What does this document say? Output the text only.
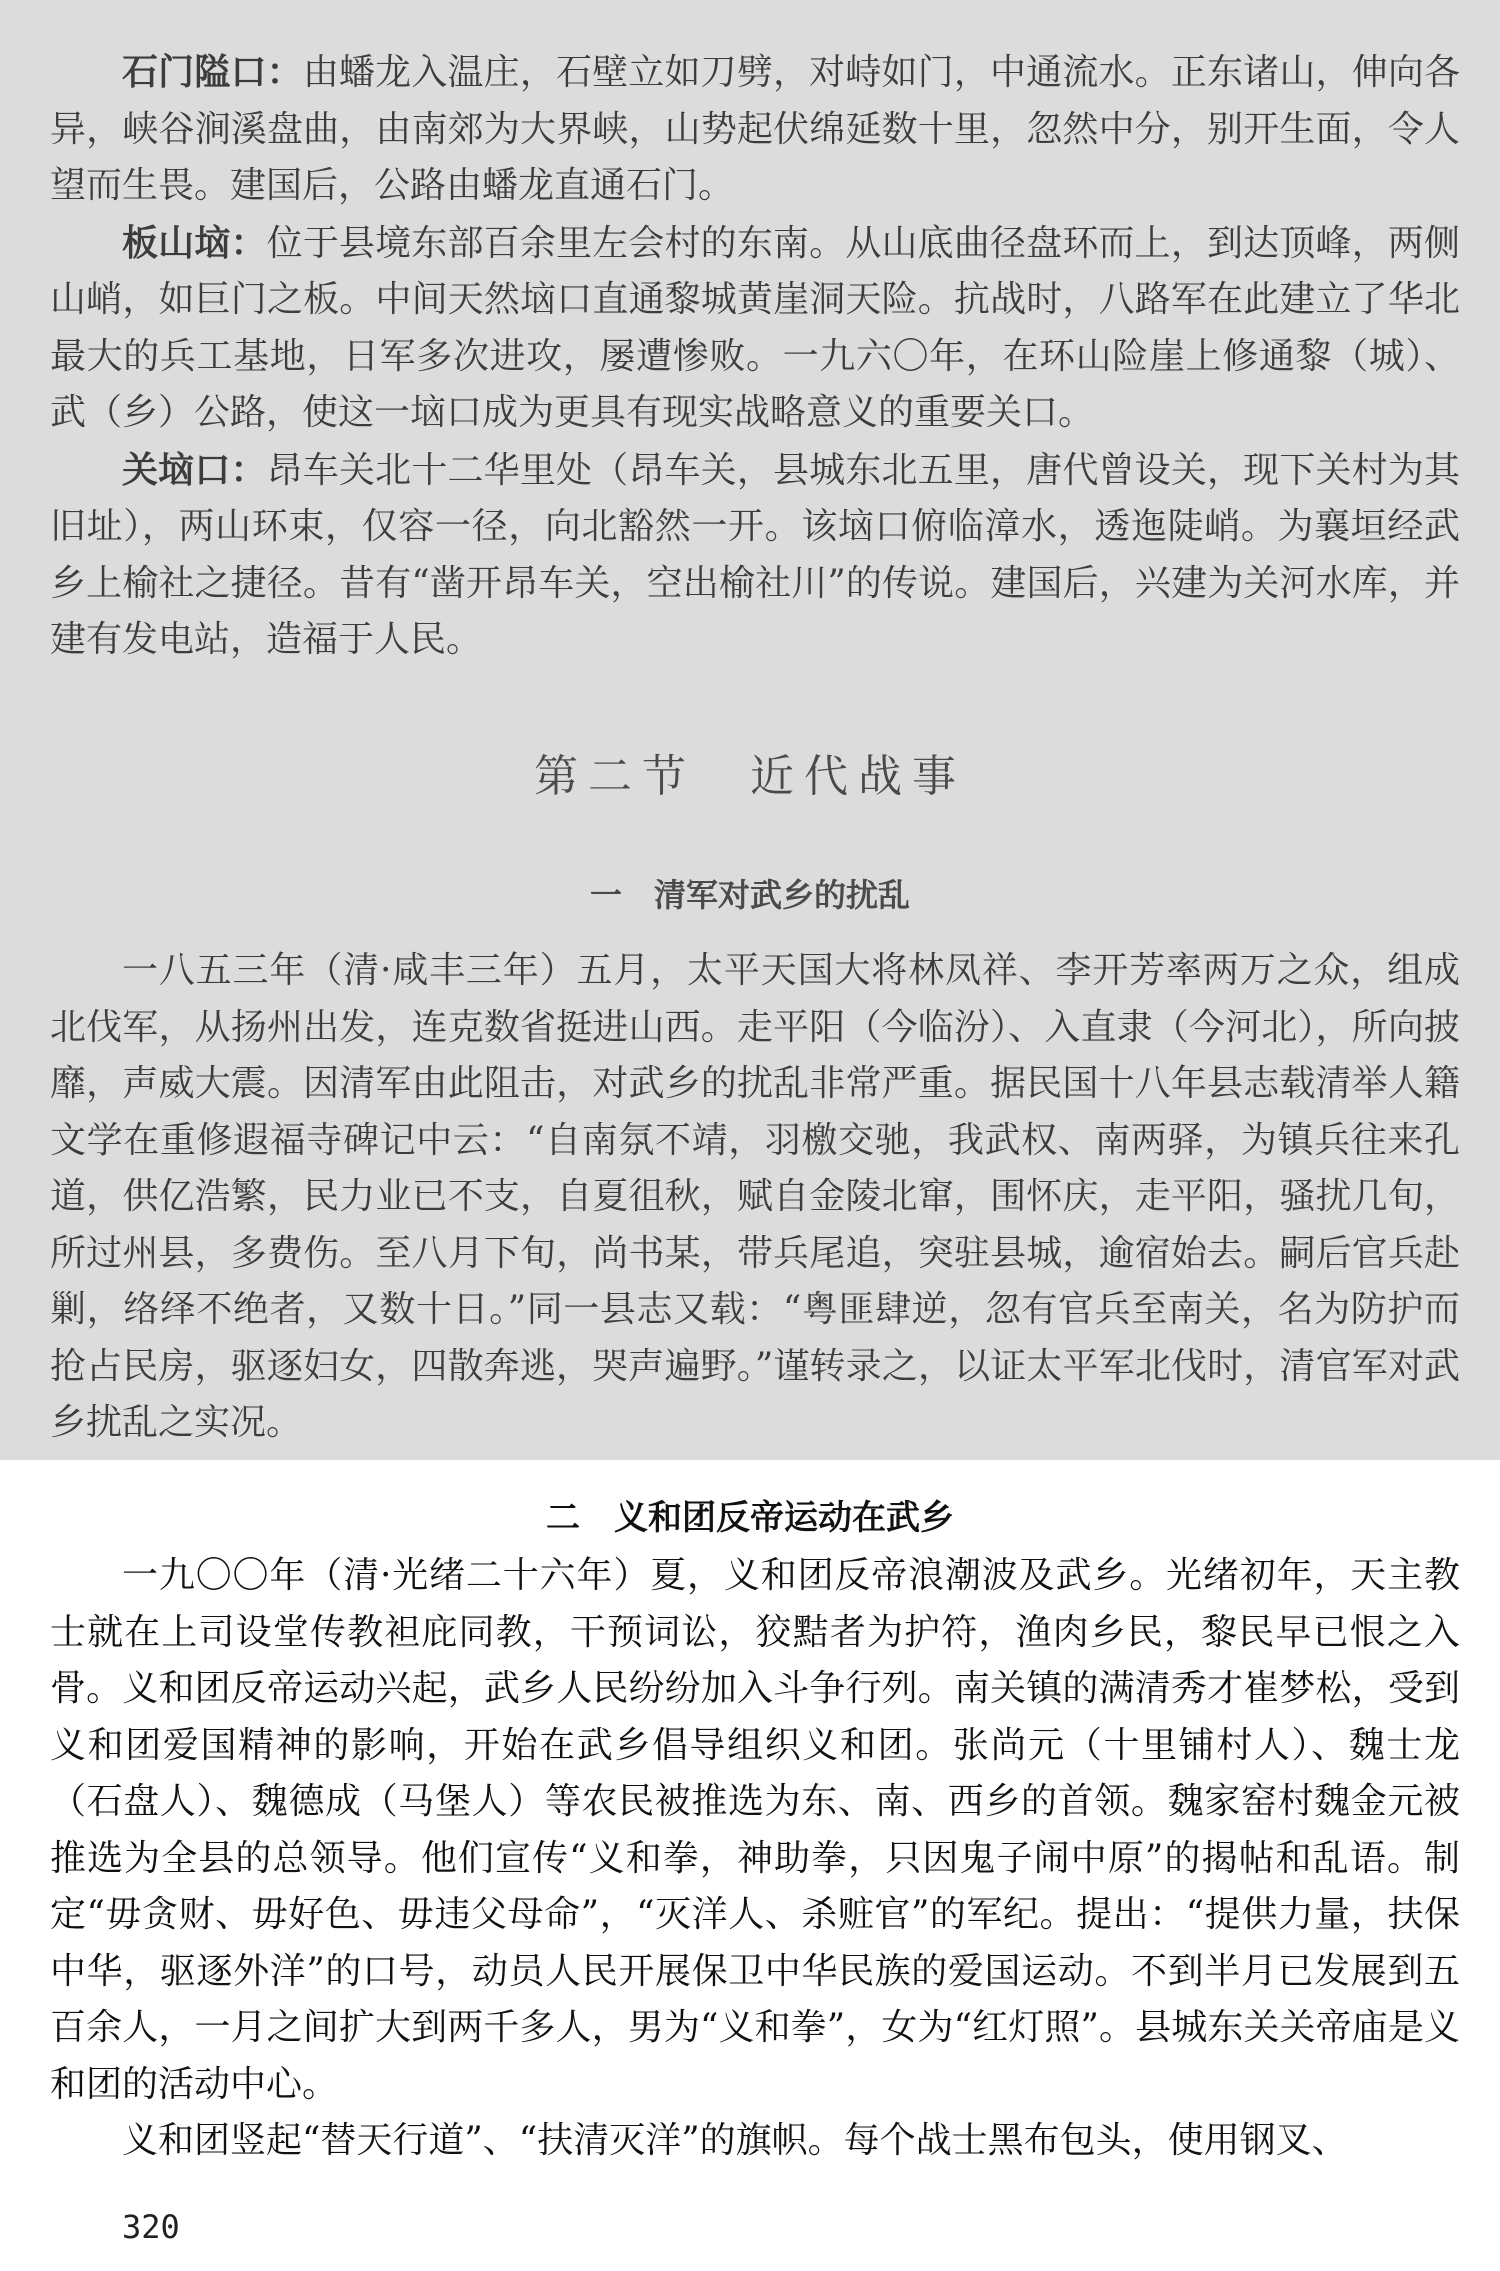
石门隘口：由蟠龙入温庄，石壁立如刀劈，对峙如门，中通流水。正东诸山，伸向各异，峡谷涧溪盘曲，由南郊为大界峡，山势起伏绵延数十里，忽然中分，别开生面，令人望而生畏。建国后，公路由蟠龙直通石门。

板山垴：位于县境东部百余里左会村的东南。从山底曲径盘环而上，到达顶峰，两侧山峭，如巨门之板。中间天然垴口直通黎城黄崖洞天险。抗战时，八路军在此建立了华北最大的兵工基地，日军多次进攻，屡遭惨败。一九六〇年，在环山险崖上修通黎（城）、武（乡）公路，使这一垴口成为更具有现实战略意义的重要关口。

关垴口：昂车关北十二华里处（昂车关，县城东北五里，唐代曾设关，现下关村为其旧址），两山环束，仅容一径，向北豁然一开。该垴口俯临漳水，透迤陡峭。为襄垣经武乡上榆社之捷径。昔有“凿开昂车关，空出榆社川”的传说。建国后，兴建为关河水库，并建有发电站，造福于人民。

第二节　近代战事
一　清军对武乡的扰乱

一八五三年（清·咸丰三年）五月，太平天国大将林凤祥、李开芳率两万之众，组成北伐军，从扬州出发，连克数省挺进山西。走平阳（今临汾）、入直隶（今河北），所向披靡，声威大震。因清军由此阻击，对武乡的扰乱非常严重。据民国十八年县志载清举人籍文学在重修遐福寺碑记中云：“自南氛不靖，羽檄交驰，我武权、南两驿，为镇兵往来孔道，供亿浩繁，民力业已不支，自夏徂秋，赋自金陵北窜，围怀庆，走平阳，骚扰几旬，所过州县，多费伤。至八月下旬，尚书某，带兵尾追，突驻县城，逾宿始去。嗣后官兵赴剿，络绎不绝者，又数十日。”同一县志又载：“粤匪肆逆，忽有官兵至南关，名为防护而抢占民房，驱逐妇女，四散奔逃，哭声遍野。”谨转录之，以证太平军北伐时，清官军对武乡扰乱之实况。

二　义和团反帝运动在武乡

一九〇〇年（清·光绪二十六年）夏，义和团反帝浪潮波及武乡。光绪初年，天主教士就在上司设堂传教袒庇同教，干预词讼，狡黠者为护符，渔肉乡民，黎民早已恨之入骨。义和团反帝运动兴起，武乡人民纷纷加入斗争行列。南关镇的满清秀才崔梦松，受到义和团爱国精神的影响，开始在武乡倡导组织义和团。张尚元（十里铺村人）、魏士龙（石盘人）、魏德成（马堡人）等农民被推选为东、南、西乡的首领。魏家窑村魏金元被推选为全县的总领导。他们宣传“义和拳，神助拳，只因鬼子闹中原”的揭帖和乱语。制定“毋贪财、毋好色、毋违父母命”，“灭洋人、杀赃官”的军纪。提出：“提供力量，扶保中华，驱逐外洋”的口号，动员人民开展保卫中华民族的爱国运动。不到半月已发展到五百余人，一月之间扩大到两千多人，男为“义和拳”，女为“红灯照”。县城东关关帝庙是义和团的活动中心。

义和团竖起“替天行道”、“扶清灭洋”的旗帜。每个战士黑布包头，使用钢叉、

320
